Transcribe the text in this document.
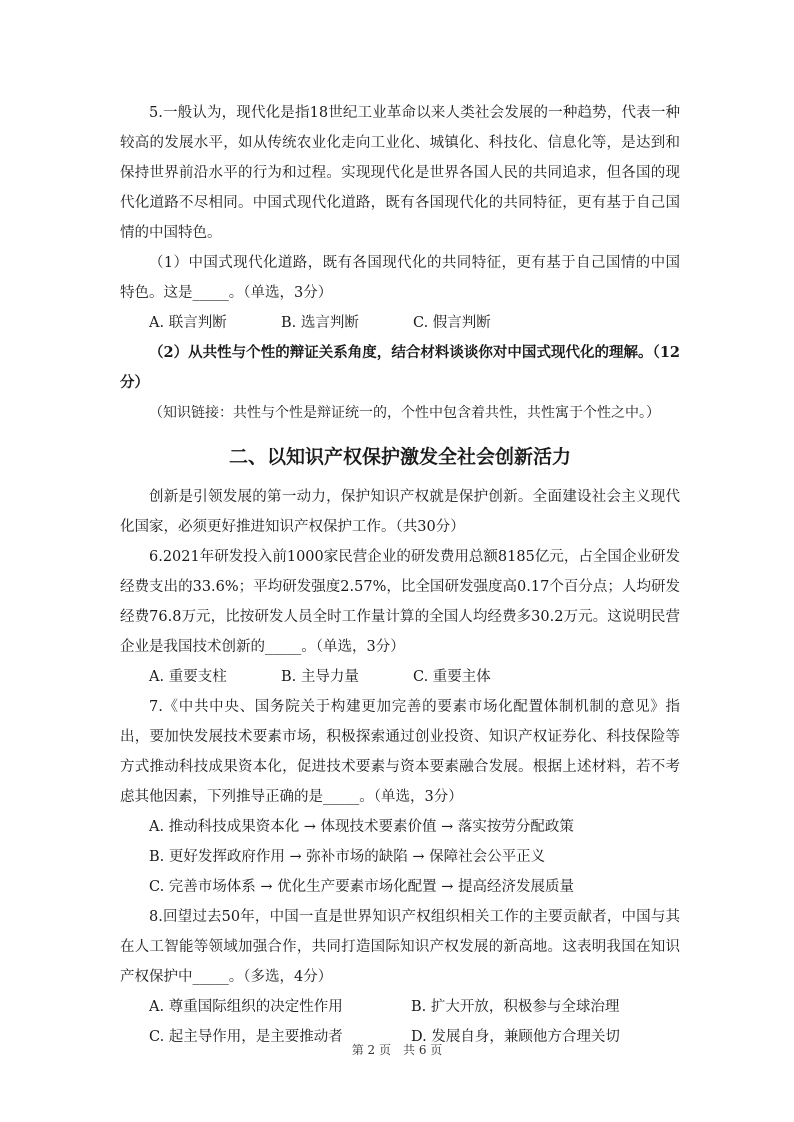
5.一般认为，现代化是指18世纪工业革命以来人类社会发展的一种趋势，代表一种较高的发展水平，如从传统农业化走向工业化、城镇化、科技化、信息化等，是达到和保持世界前沿水平的行为和过程。实现现代化是世界各国人民的共同追求，但各国的现代化道路不尽相同。中国式现代化道路，既有各国现代化的共同特征，更有基于自己国情的中国特色。

（1）中国式现代化道路，既有各国现代化的共同特征，更有基于自己国情的中国特色。这是_____。（单选，3分）

A. 联言判断	B. 选言判断	C. 假言判断

（2）从共性与个性的辩证关系角度，结合材料谈谈你对中国式现代化的理解。（12分）

（知识链接：共性与个性是辩证统一的，个性中包含着共性，共性寓于个性之中。）

二、以知识产权保护激发全社会创新活力

创新是引领发展的第一动力，保护知识产权就是保护创新。全面建设社会主义现代化国家，必须更好推进知识产权保护工作。（共30分）

6.2021年研发投入前1000家民营企业的研发费用总额8185亿元，占全国企业研发经费支出的33.6%；平均研发强度2.57%，比全国研发强度高0.17个百分点；人均研发经费76.8万元，比按研发人员全时工作量计算的全国人均经费多30.2万元。这说明民营企业是我国技术创新的_____。（单选，3分）

A. 重要支柱	B. 主导力量	C. 重要主体

7.《中共中央、国务院关于构建更加完善的要素市场化配置体制机制的意见》指出，要加快发展技术要素市场，积极探索通过创业投资、知识产权证券化、科技保险等方式推动科技成果资本化，促进技术要素与资本要素融合发展。根据上述材料，若不考虑其他因素，下列推导正确的是_____。（单选，3分）

A. 推动科技成果资本化 → 体现技术要素价值 → 落实按劳分配政策
B. 更好发挥政府作用 → 弥补市场的缺陷 → 保障社会公平正义
C. 完善市场体系 → 优化生产要素市场化配置 → 提高经济发展质量

8.回望过去50年，中国一直是世界知识产权组织相关工作的主要贡献者，中国与其在人工智能等领域加强合作，共同打造国际知识产权发展的新高地。这表明我国在知识产权保护中_____。（多选，4分）

A. 尊重国际组织的决定性作用	B. 扩大开放，积极参与全球治理
C. 起主导作用，是主要推动者	D. 发展自身，兼顾他方合理关切
第 2 页　共 6 页
